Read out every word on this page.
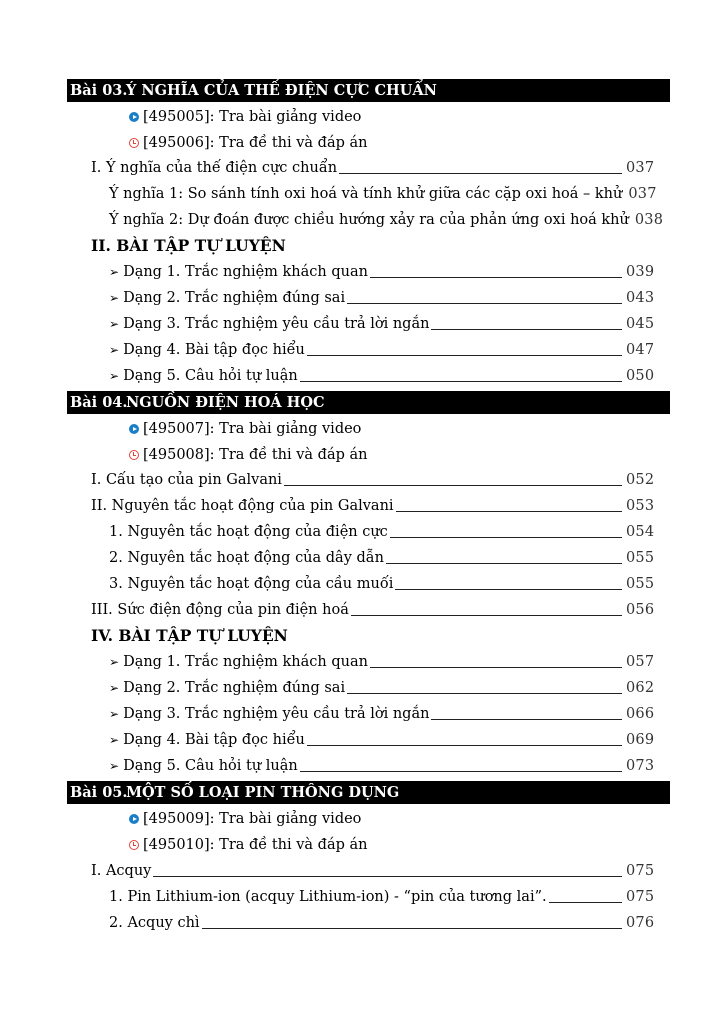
Bài 03.
Ý NGHĨA CỦA THẾ ĐIỆN CỰC CHUẨN
[495005]: Tra bài giảng video
[495006]: Tra đề thi và đáp án
I. Ý nghĩa của thế điện cực chuẩn	037
Ý nghĩa 1: So sánh tính oxi hoá và tính khử giữa các cặp oxi hoá – khử 037
Ý nghĩa 2: Dự đoán được chiều hướng xảy ra của phản ứng oxi hoá khử 038
II. BÀI TẬP TỰ LUYỆN
➢ Dạng 1. Trắc nghiệm khách quan	039
➢ Dạng 2. Trắc nghiệm đúng sai	043
➢ Dạng 3. Trắc nghiệm yêu cầu trả lời ngắn	045
➢ Dạng 4. Bài tập đọc hiểu	047
➢ Dạng 5. Câu hỏi tự luận	050
Bài 04.
NGUỒN ĐIỆN HOÁ HỌC
[495007]: Tra bài giảng video
[495008]: Tra đề thi và đáp án
I. Cấu tạo của pin Galvani	052
II. Nguyên tắc hoạt động của pin Galvani	053
1. Nguyên tắc hoạt động của điện cực	054
2. Nguyên tắc hoạt động của dây dẫn	055
3. Nguyên tắc hoạt động của cầu muối	055
III. Sức điện động của pin điện hoá	056
IV. BÀI TẬP TỰ LUYỆN
➢ Dạng 1. Trắc nghiệm khách quan	057
➢ Dạng 2. Trắc nghiệm đúng sai	062
➢ Dạng 3. Trắc nghiệm yêu cầu trả lời ngắn	066
➢ Dạng 4. Bài tập đọc hiểu	069
➢ Dạng 5. Câu hỏi tự luận	073
Bài 05.
MỘT SỐ LOẠI PIN THÔNG DỤNG
[495009]: Tra bài giảng video
[495010]: Tra đề thi và đáp án
I. Acquy	075
1. Pin Lithium-ion (acquy Lithium-ion) - “pin của tương lai”.	075
2. Acquy chì	076
